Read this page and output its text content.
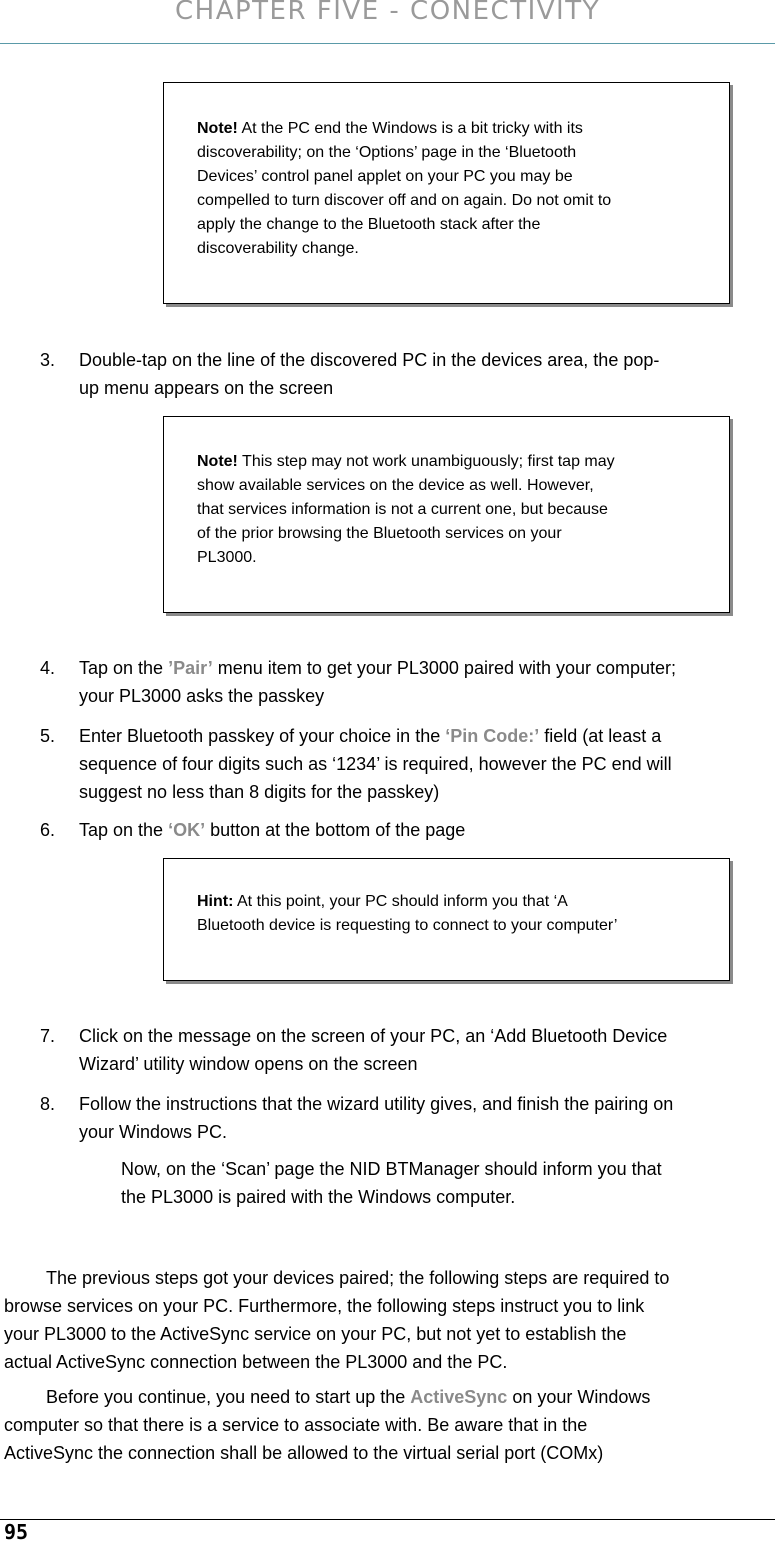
CHAPTER FIVE - CONECTIVITY
Note! At the PC end the Windows is a bit tricky with its
discoverability; on the ‘Options’ page in the ‘Bluetooth
Devices’ control panel applet on your PC you may be
compelled to turn discover off and on again. Do not omit to
apply the change to the Bluetooth stack after the
discoverability change.
3. Double-tap on the line of the discovered PC in the devices area, the pop-
up menu appears on the screen
Note! This step may not work unambiguously; first tap may
show available services on the device as well. However,
that services information is not a current one, but because
of the prior browsing the Bluetooth services on your
PL3000.
4. Tap on the ’Pair’ menu item to get your PL3000 paired with your computer;
your PL3000 asks the passkey
5. Enter Bluetooth passkey of your choice in the ‘Pin Code:’ field (at least a
sequence of four digits such as ‘1234’ is required, however the PC end will
suggest no less than 8 digits for the passkey)
6. Tap on the ‘OK’ button at the bottom of the page
Hint: At this point, your PC should inform you that ‘A
Bluetooth device is requesting to connect to your computer’
7. Click on the message on the screen of your PC, an ‘Add Bluetooth Device
Wizard’ utility window opens on the screen
8. Follow the instructions that the wizard utility gives, and finish the pairing on
your Windows PC.
Now, on the ‘Scan’ page the NID BTManager should inform you that
the PL3000 is paired with the Windows computer.
The previous steps got your devices paired; the following steps are required to
browse services on your PC. Furthermore, the following steps instruct you to link
your PL3000 to the ActiveSync service on your PC, but not yet to establish the
actual ActiveSync connection between the PL3000 and the PC.
Before you continue, you need to start up the ActiveSync on your Windows
computer so that there is a service to associate with. Be aware that in the
ActiveSync the connection shall be allowed to the virtual serial port (COMx)
95
